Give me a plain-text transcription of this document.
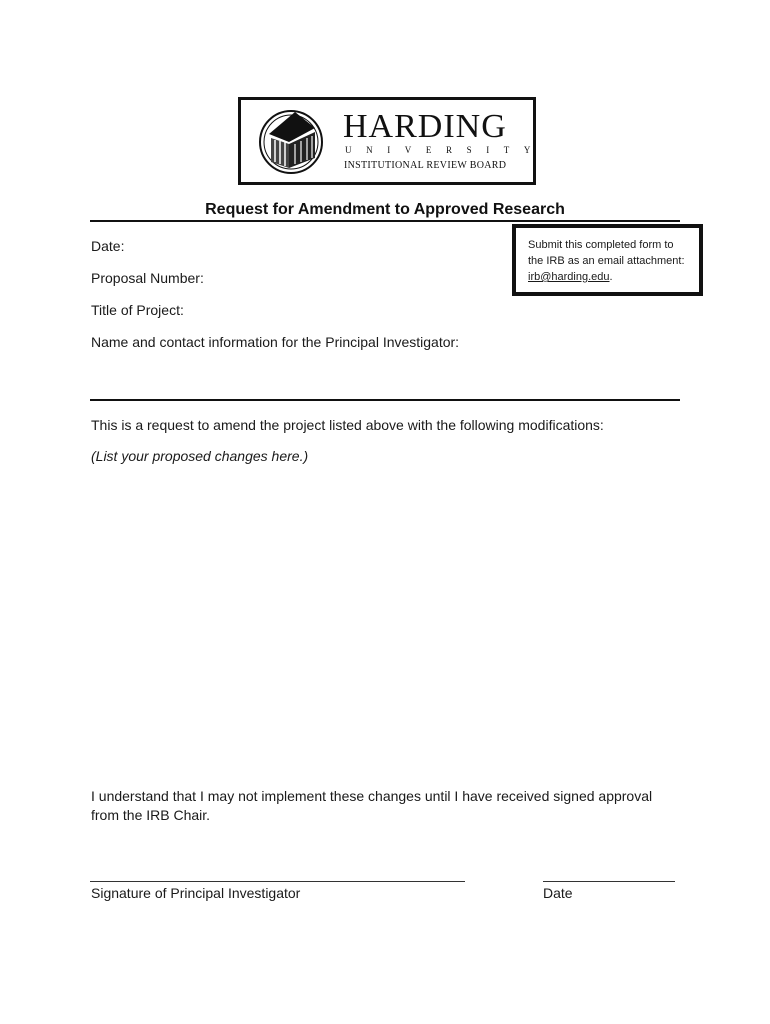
HARDING
UNIVERSITY
INSTITUTIONAL REVIEW BOARD
Request for Amendment to Approved Research
Submit this completed form to the IRB as an email attachment: irb@harding.edu.
Date:
Proposal Number:
Title of Project:
Name and contact information for the Principal Investigator:
This is a request to amend the project listed above with the following modifications:
(List your proposed changes here.)
I understand that I may not implement these changes until I have received signed approval from the IRB Chair.
Signature of Principal Investigator	Date
